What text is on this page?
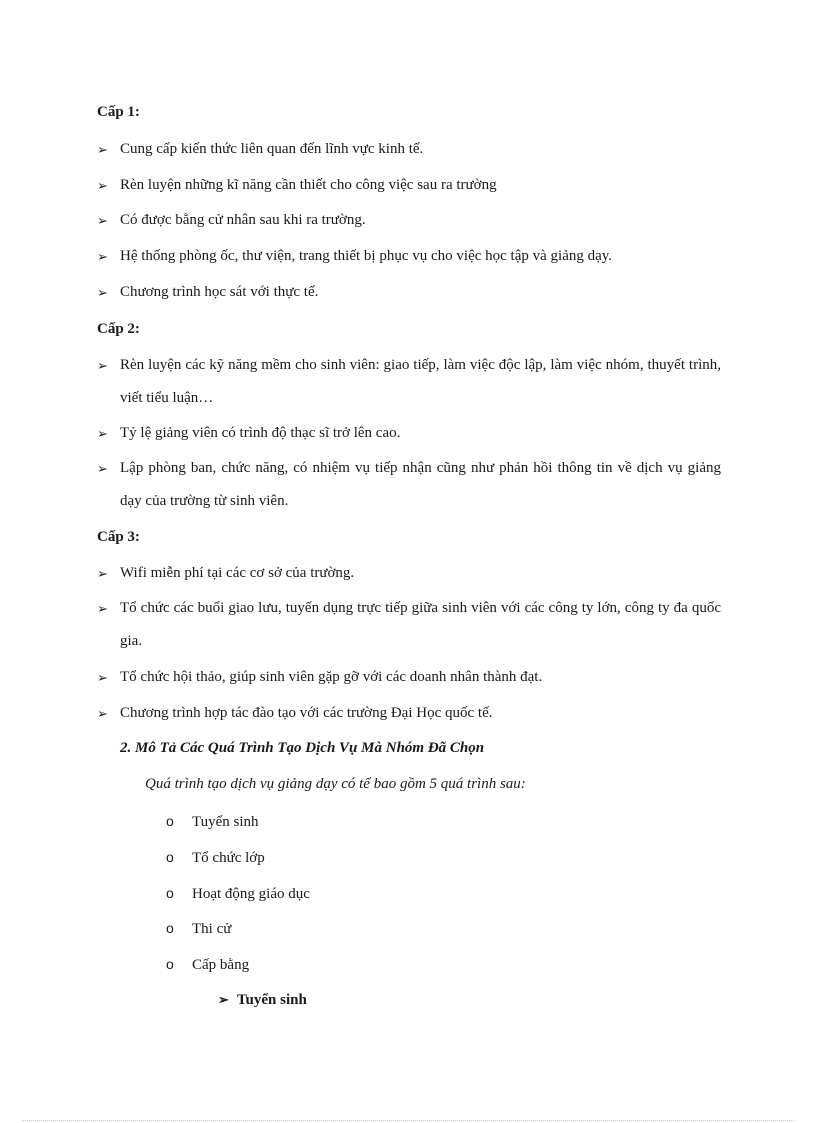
Cấp 1:
➢ Cung cấp kiến thức liên quan đến lĩnh vực kinh tế.
➢ Rèn luyện những kĩ năng cần thiết cho công việc sau ra trường
➢ Có được bằng cử nhân sau khi ra trường.
➢ Hệ thống phòng ốc, thư viện, trang thiết bị phục vụ cho việc học tập và giảng dạy.
➢ Chương trình học sát với thực tế.
Cấp 2:
➢ Rèn luyện các kỹ năng mềm cho sinh viên: giao tiếp, làm việc độc lập, làm việc nhóm, thuyết trình, viết tiểu luận…
➢ Tỷ lệ giảng viên có trình độ thạc sĩ trở lên cao.
➢ Lập phòng ban, chức năng, có nhiệm vụ tiếp nhận cũng như phản hồi thông tin về dịch vụ giảng dạy của trường từ sinh viên.
Cấp 3:
➢ Wifi miễn phí tại các cơ sở của trường.
➢ Tổ chức các buổi giao lưu, tuyển dụng trực tiếp giữa sinh viên với các công ty lớn, công ty đa quốc gia.
➢ Tổ chức hội thảo, giúp sinh viên gặp gỡ với các doanh nhân thành đạt.
➢ Chương trình hợp tác đào tạo với các trường Đại Học quốc tế.
2. Mô Tả Các Quá Trình Tạo Dịch Vụ Mà Nhóm Đã Chọn
Quá trình tạo dịch vụ giảng dạy có tể bao gồm 5 quá trình sau:
o Tuyển sinh
o Tổ chức lớp
o Hoạt động giáo dục
o Thi cử
o Cấp bằng
➢ Tuyển sinh
